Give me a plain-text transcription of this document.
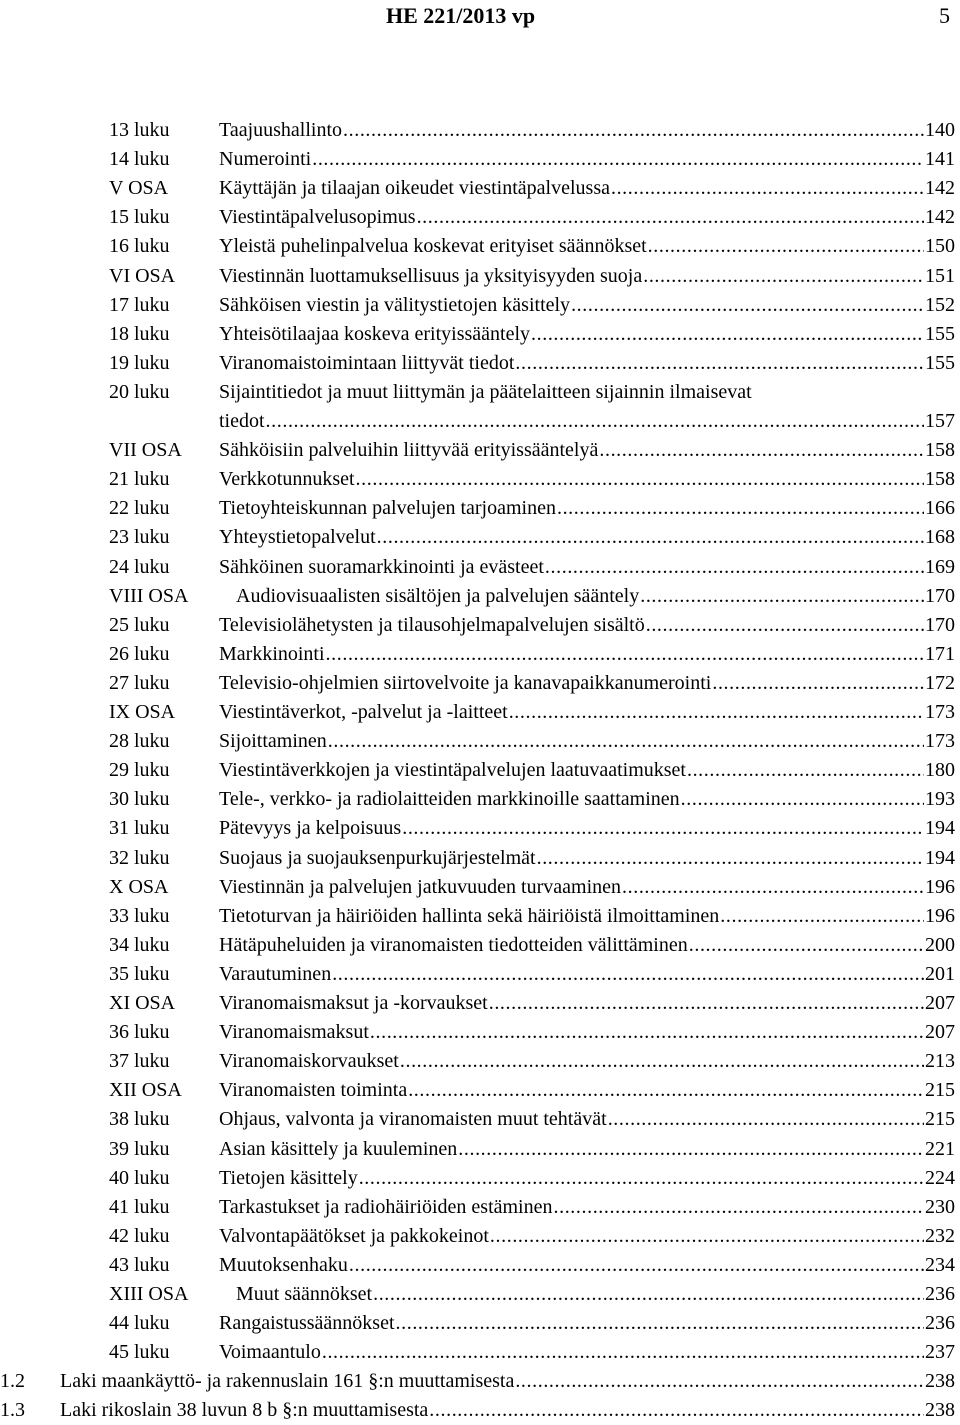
HE 221/2013 vp	5
13 luku Taajuushallinto . . .	140
14 luku Numerointi . . .	141
V OSA	Käyttäjän ja tilaajan oikeudet viestintäpalvelussa . . .	142
15 luku Viestintäpalvelusopimus . . .	142
16 luku Yleistä puhelinpalvelua koskevat erityiset säännökset . . .	150
VI OSA Viestinnän luottamuksellisuus ja yksityisyyden suoja . . .	151
17 luku Sähköisen viestin ja välitystietojen käsittely . . .	152
18 luku Yhteisötilaajaa koskeva erityissääntely . . .	155
19 luku Viranomaistoimintaan liittyvät tiedot . . .	155
20 luku Sijaintitiedot ja muut liittymän ja päätelaitteen sijainnin ilmaisevat
tiedot . . .	157
VII OSA Sähköisiin palveluihin liittyvää erityissääntelyä . . .	158
21 luku Verkkotunnukset . . .	158
22 luku Tietoyhteiskunnan palvelujen tarjoaminen . . .	166
23 luku Yhteystietopalvelut . . .	168
24 luku Sähköinen suoramarkkinointi ja evästeet . . .	169
VIII OSA Audiovisuaalisten sisältöjen ja palvelujen sääntely . . .	170
25 luku Televisiolähetysten ja tilausohjelmapalvelujen sisältö . . .	170
26 luku Markkinointi . . .	171
27 luku Televisio-ohjelmien siirtovelvoite ja kanavapaikkanumerointi . . .	172
IX OSA Viestintäverkot, -palvelut ja -laitteet . . .	173
28 luku Sijoittaminen . . .	173
29 luku Viestintäverkkojen ja viestintäpalvelujen laatuvaatimukset . . .	180
30 luku Tele-, verkko- ja radiolaitteiden markkinoille saattaminen . . .	193
31 luku Pätevyys ja kelpoisuus . . .	194
32 luku Suojaus ja suojauksenpurkujärjestelmät . . .	194
X OSA	Viestinnän ja palvelujen jatkuvuuden turvaaminen . . .	196
33 luku Tietoturvan ja häiriöiden hallinta sekä häiriöistä ilmoittaminen . . .	196
34 luku Hätäpuheluiden ja viranomaisten tiedotteiden välittäminen . . .	200
35 luku Varautuminen . . .	201
XI OSA Viranomaismaksut ja -korvaukset . . .	207
36 luku Viranomaismaksut . . .	207
37 luku Viranomaiskorvaukset . . .	213
XII OSA Viranomaisten toiminta . . .	215
38 luku Ohjaus, valvonta ja viranomaisten muut tehtävät . . .	215
39 luku Asian käsittely ja kuuleminen . . .	221
40 luku Tietojen käsittely . . .	224
41 luku Tarkastukset ja radiohäiriöiden estäminen . . .	230
42 luku Valvontapäätökset ja pakkokeinot . . .	232
43 luku Muutoksenhaku . . .	234
XIII OSA Muut säännökset . . .	236
44 luku Rangaistussäännökset . . .	236
45 luku Voimaantulo . . .	237
1.2 Laki maankäyttö- ja rakennuslain 161 §:n muuttamisesta . . .	238
1.3 Laki rikoslain 38 luvun 8 b §:n muuttamisesta . . .	238
